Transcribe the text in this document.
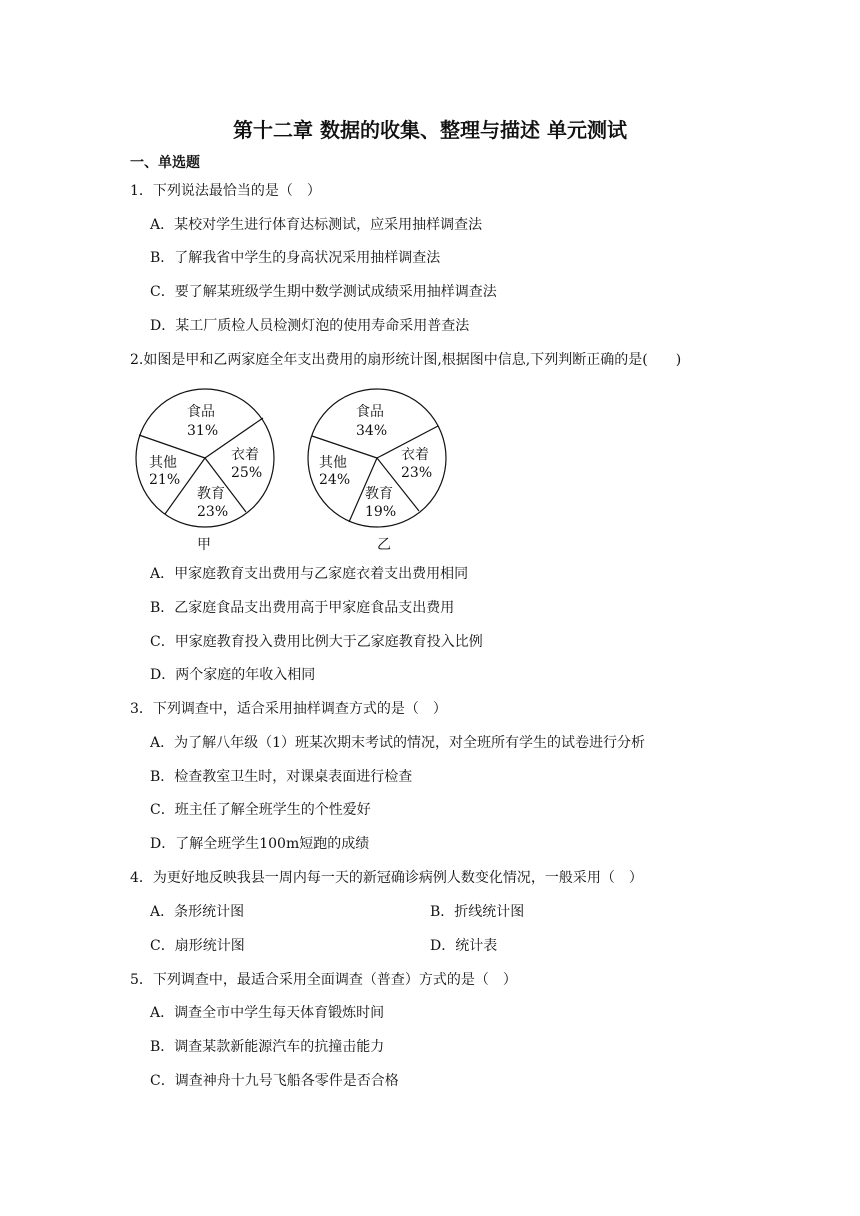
第十二章 数据的收集、整理与描述 单元测试
一、单选题
1．下列说法最恰当的是（　）
A．某校对学生进行体育达标测试，应采用抽样调查法
B．了解我省中学生的身高状况采用抽样调查法
C．要了解某班级学生期中数学测试成绩采用抽样调查法
D．某工厂质检人员检测灯泡的使用寿命采用普查法
2.如图是甲和乙两家庭全年支出费用的扇形统计图,根据图中信息,下列判断正确的是(　　)
食品
31%
衣着
25%
教育
23%
其他
21%
甲
食品
34%
衣着
23%
教育
19%
其他
24%
乙
A．甲家庭教育支出费用与乙家庭衣着支出费用相同
B．乙家庭食品支出费用高于甲家庭食品支出费用
C．甲家庭教育投入费用比例大于乙家庭教育投入比例
D．两个家庭的年收入相同
3．下列调查中，适合采用抽样调查方式的是（　）
A．为了解八年级（1）班某次期末考试的情况，对全班所有学生的试卷进行分析
B．检查教室卫生时，对课桌表面进行检查
C．班主任了解全班学生的个性爱好
D．了解全班学生100m短跑的成绩
4．为更好地反映我县一周内每一天的新冠确诊病例人数变化情况，一般采用（　）
A．条形统计图	B．折线统计图
C．扇形统计图	D．统计表
5．下列调查中，最适合采用全面调查（普查）方式的是（　）
A．调查全市中学生每天体育锻炼时间
B．调查某款新能源汽车的抗撞击能力
C．调查神舟十九号飞船各零件是否合格
